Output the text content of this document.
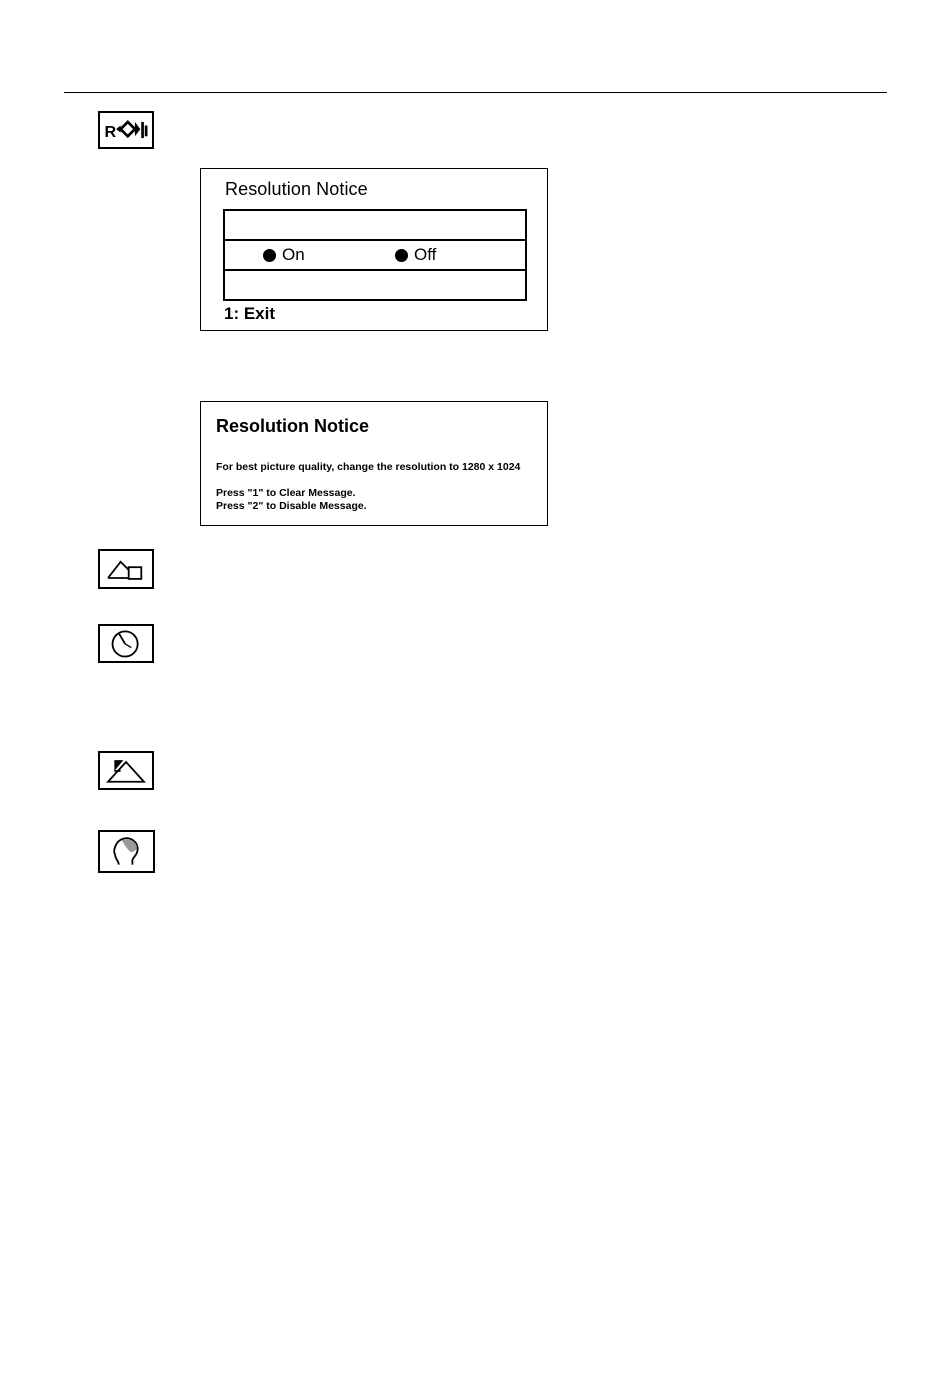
R
Resolution Notice
On	Off
1: Exit
Resolution Notice
For best picture quality, change the resolution to 1280 x 1024
Press "1" to Clear Message.
Press "2" to Disable Message.
